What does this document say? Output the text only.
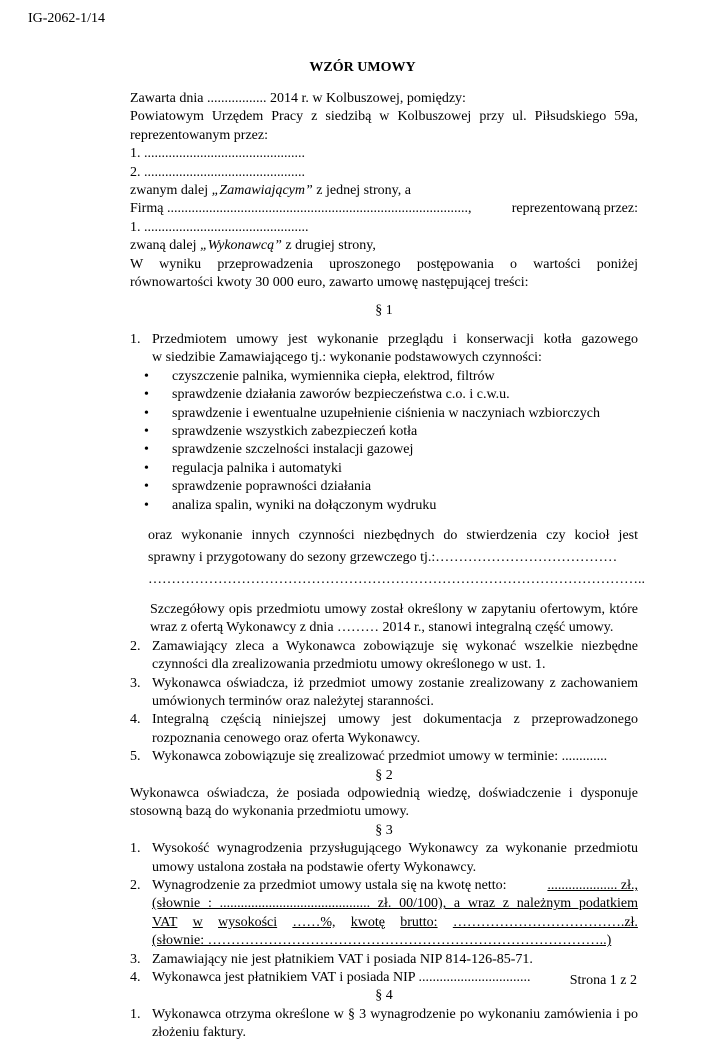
IG-2062-1/14
WZÓR UMOWY
Zawarta dnia ................. 2014 r. w Kolbuszowej, pomiędzy:
Powiatowym Urzędem Pracy z siedzibą w Kolbuszowej przy ul. Piłsudskiego 59a,
reprezentowanym przez:
1. ..............................................
2. ..............................................
zwanym dalej „Zamawiającym” z jednej strony, a
Firmą ......................................................................................,	reprezentowaną przez:
1. ...............................................
zwaną dalej „Wykonawcą” z drugiej strony,
W wyniku przeprowadzenia uproszonego postępowania o wartości poniżej
równowartości kwoty 30 000 euro, zawarto umowę następującej treści:
§ 1
1. Przedmiotem umowy jest wykonanie przeglądu i konserwacji kotła gazowego
w siedzibie Zamawiającego tj.: wykonanie podstawowych czynności:
• czyszczenie palnika, wymiennika ciepła, elektrod, filtrów
• sprawdzenie działania zaworów bezpieczeństwa c.o. i c.w.u.
• sprawdzenie i ewentualne uzupełnienie ciśnienia w naczyniach wzbiorczych
• sprawdzenie wszystkich zabezpieczeń kotła
• sprawdzenie szczelności instalacji gazowej
• regulacja palnika i automatyki
• sprawdzenie poprawności działania
• analiza spalin, wyniki na dołączonym wydruku
oraz wykonanie innych czynności niezbędnych do stwierdzenia czy kocioł jest
sprawny i przygotowany do sezony grzewczego tj.:…………………………………
……………………………………………………………………………………………..
Szczegółowy opis przedmiotu umowy został określony w zapytaniu ofertowym, które wraz z ofertą Wykonawcy z dnia ……… 2014 r., stanowi integralną część umowy.
2. Zamawiający zleca a Wykonawca zobowiązuje się wykonać wszelkie niezbędne czynności dla zrealizowania przedmiotu umowy określonego w ust. 1.
3. Wykonawca oświadcza, iż przedmiot umowy zostanie zrealizowany z zachowaniem umówionych terminów oraz należytej staranności.
4. Integralną częścią niniejszej umowy jest dokumentacja z przeprowadzonego rozpoznania cenowego oraz oferta Wykonawcy.
5. Wykonawca zobowiązuje się zrealizować przedmiot umowy w terminie: .............
§ 2
Wykonawca oświadcza, że posiada odpowiednią wiedzę, doświadczenie i dysponuje stosowną bazą do wykonania przedmiotu umowy.
§ 3
1. Wysokość wynagrodzenia przysługującego Wykonawcy za wykonanie przedmiotu umowy ustalona została na podstawie oferty Wykonawcy.
2. Wynagrodzenie za przedmiot umowy ustala się na kwotę netto:	.................... zł.,
(słownie : ........................................... zł. 00/100), a wraz z należnym podatkiem
VAT w wysokości ……%, kwotę brutto: ……………………………….zł.
(słownie: …………………………………………………………………………..)
3. Zamawiający nie jest płatnikiem VAT i posiada NIP 814-126-85-71.
4. Wykonawca jest płatnikiem VAT i posiada NIP ................................
§ 4
1. Wykonawca otrzyma określone w § 3 wynagrodzenie po wykonaniu zamówienia i po złożeniu faktury.
Strona 1 z 2
